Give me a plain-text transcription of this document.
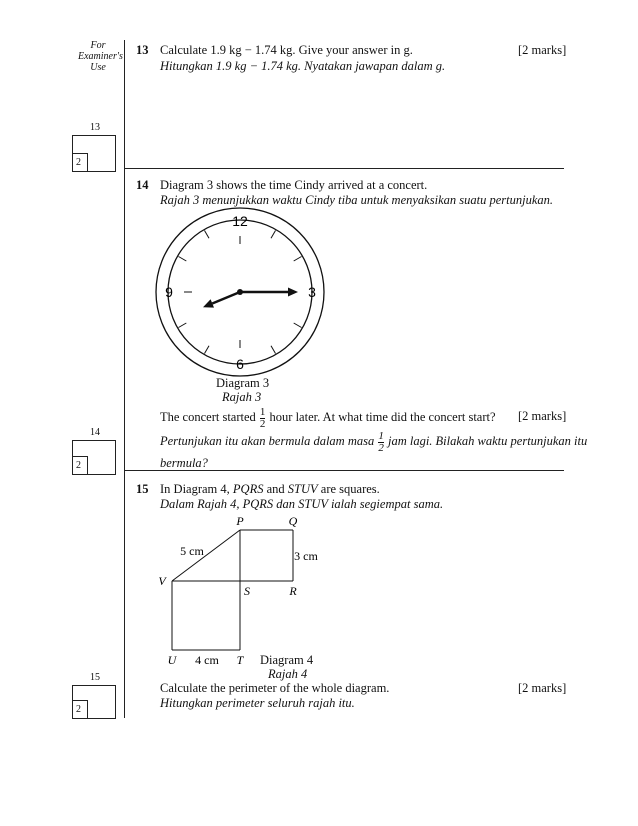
For
Examiner's
Use
13 Calculate 1.9 kg − 1.74 kg. Give your answer in g.
Hitungkan 1.9 kg − 1.74 kg. Nyatakan jawapan dalam g.
[2 marks]
13
2
14 Diagram 3 shows the time Cindy arrived at a concert.
Rajah 3 menunjukkan waktu Cindy tiba untuk menyaksikan suatu pertunjukan.
12
3
6
9
Diagram 3
Rajah 3
The concert started $\frac{1}{2}$ hour later. At what time did the concert start? [2 marks]
Pertunjukan itu akan bermula dalam masa $\frac{1}{2}$ jam lagi. Bilakah waktu pertunjukan itu
bermula?
14
2
15 In Diagram 4, PQRS and STUV are squares.
Dalam Rajah 4, PQRS dan STUV ialah segiempat sama.
P	Q
R
S
V
U	T
5 cm	3 cm
4 cm	Diagram 4
Rajah 4
Calculate the perimeter of the whole diagram.
Hitungkan perimeter seluruh rajah itu.
[2 marks]
15
2
